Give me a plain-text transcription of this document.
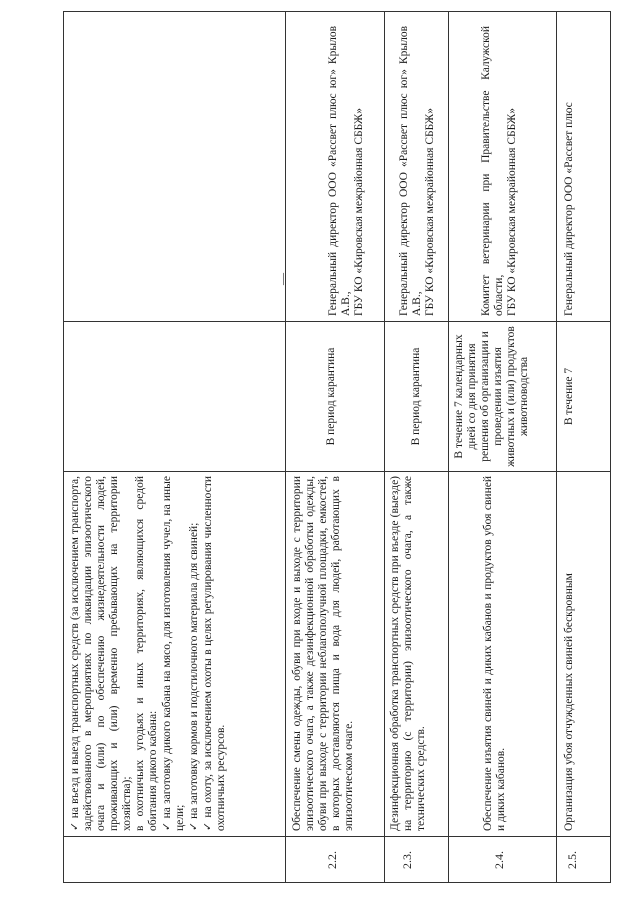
✓ на въезд и выезд транспортных средств (за исключением транспорта, задействованного в мероприятиях по ликвидации эпизоотического очага и (или) по обеспечению жизнедеятельности людей, проживающих и (или) временно пребывающих на территории хозяйства); в охотничьих угодьях и иных территориях, являющихся средой обитания дикого кабана: ✓ на заготовку дикого кабана на мясо, для изготовления чучел, на иные цели; ✓ на заготовку кормов и подстилочного материала для свиней;

✓ на охоту, за исключением охоты в целях регулирования численности охотничьих ресурсов.

—
2.2.
Обеспечение смены одежды, обуви при входе и выходе с территории эпизоотического очага, а также дезинфекционной обработки одежды, обуви при выходе с территории неблагополучной площадки, емкостей, в которых доставляются пища и вода для людей, работающих в эпизоотическом очаге.
В период карантина
Генеральный директор ООО «Рассвет плюс юг» Крылов А.В.,
ГБУ КО «Кировская межрайонная СББЖ»
2.3.
Дезинфекционная обработка транспортных средств при въезде (выезде) на территорию (с территории) эпизоотического очага, а также технических средств.
В период карантина
Генеральный директор ООО «Рассвет плюс юг» Крылов А.В.,
ГБУ КО «Кировская межрайонная СББЖ»
2.4.
Обеспечение изъятия свиней и диких кабанов и продуктов убоя свиней и диких кабанов.
В течение 7 календарных дней со дня принятия решения об организации и проведении изъятия животных и (или) продуктов животноводства
Комитет ветеринарии при Правительстве Калужской области,
ГБУ КО «Кировская межрайонная СББЖ»
2.5.
Организация убоя отчужденных свиней бескровным
В течение 7
Генеральный директор ООО «Рассвет плюс
